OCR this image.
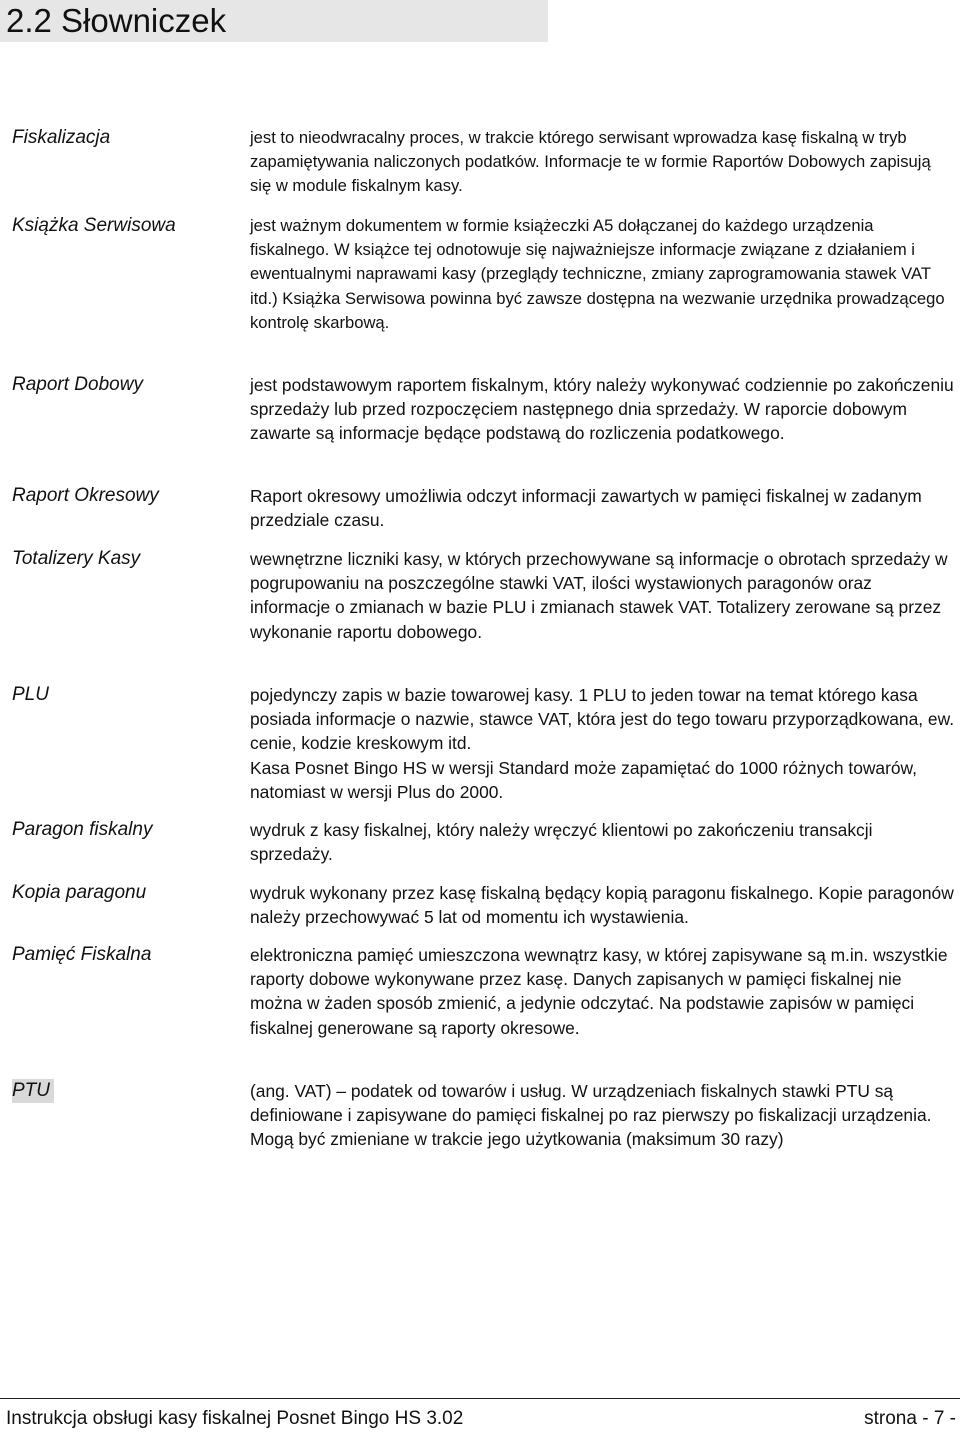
2.2 Słowniczek
Fiskalizacja	jest to nieodwracalny proces, w trakcie którego serwisant wprowadza kasę fiskalną w tryb zapamiętywania naliczonych podatków. Informacje te w formie Raportów Dobowych zapisują się w module fiskalnym kasy.

Książka Serwisowa	jest ważnym dokumentem w formie książeczki A5 dołączanej do każdego urządzenia fiskalnego. W książce tej odnotowuje się najważniejsze informacje związane z działaniem i ewentualnymi naprawami kasy (przeglądy techniczne, zmiany zaprogramowania stawek VAT itd.) Książka Serwisowa powinna być zawsze dostępna na wezwanie urzędnika prowadzącego kontrolę skarbową.

Raport Dobowy	jest podstawowym raportem fiskalnym, który należy wykonywać codziennie po zakończeniu sprzedaży lub przed rozpoczęciem następnego dnia sprzedaży. W raporcie dobowym zawarte są informacje będące podstawą do rozliczenia podatkowego.

Raport Okresowy	Raport okresowy umożliwia odczyt informacji zawartych w pamięci fiskalnej w zadanym przedziale czasu.

Totalizery Kasy	wewnętrzne liczniki kasy, w których przechowywane są informacje o obrotach sprzedaży w pogrupowaniu na poszczególne stawki VAT, ilości wystawionych paragonów oraz informacje o zmianach w bazie PLU i zmianach stawek VAT. Totalizery zerowane są przez wykonanie raportu dobowego.

PLU	pojedynczy zapis w bazie towarowej kasy. 1 PLU to jeden towar na temat którego kasa posiada informacje o nazwie, stawce VAT, która jest do tego towaru przyporządkowana, ew. cenie, kodzie kreskowym itd.

Kasa Posnet Bingo HS w wersji Standard może zapamiętać do 1000 różnych towarów, natomiast w wersji Plus do 2000.

Paragon fiskalny	wydruk z kasy fiskalnej, który należy wręczyć klientowi po zakończeniu transakcji sprzedaży.

Kopia paragonu	wydruk wykonany przez kasę fiskalną będący kopią paragonu fiskalnego. Kopie paragonów należy przechowywać 5 lat od momentu ich wystawienia.

Pamięć Fiskalna	elektroniczna pamięć umieszczona wewnątrz kasy, w której zapisywane są m.in. wszystkie raporty dobowe wykonywane przez kasę. Danych zapisanych w pamięci fiskalnej nie można w żaden sposób zmienić, a jedynie odczytać. Na podstawie zapisów w pamięci fiskalnej generowane są raporty okresowe.

PTU	(ang. VAT) – podatek od towarów i usług. W urządzeniach fiskalnych stawki PTU są definiowane i zapisywane do pamięci fiskalnej po raz pierwszy po fiskalizacji urządzenia. Mogą być zmieniane w trakcie jego użytkowania (maksimum 30 razy)

Instrukcja obsługi kasy fiskalnej Posnet Bingo HS 3.02	strona - 7 -
